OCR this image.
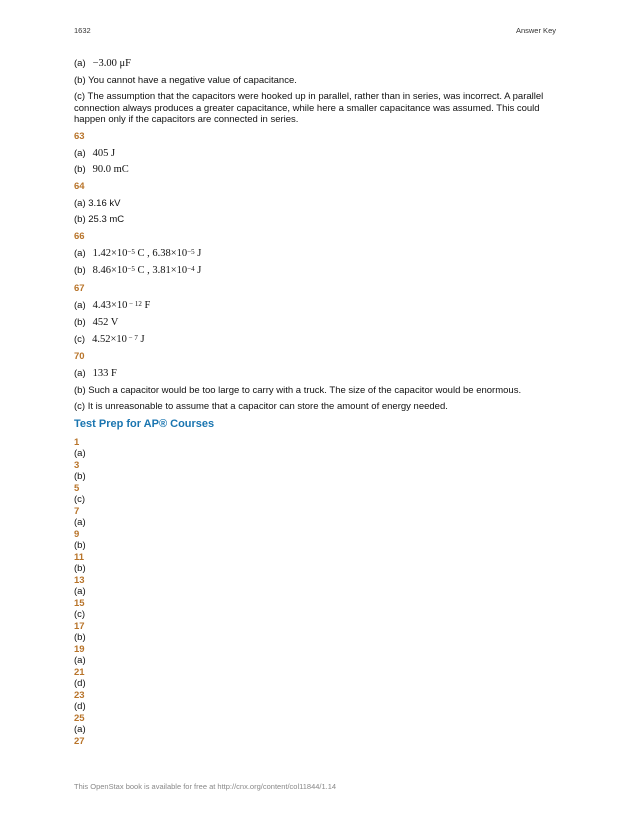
1632	Answer Key
(a) −3.00 μF

(b) You cannot have a negative value of capacitance.

(c) The assumption that the capacitors were hooked up in parallel, rather than in series, was incorrect. A parallel connection always produces a greater capacitance, while here a smaller capacitance was assumed. This could happen only if the capacitors are connected in series.

63
(a) 405 J
(b) 90.0 mC
64

(a) 3.16 kV

(b) 25.3 mC

66
(a) $1.42\times 10^{-5}$ C , $6.38\times 10^{-5}$ J
(b) $8.46\times 10^{-5}$ C , $3.81\times 10^{-4}$ J
67
(a) 4.43×10 $^{- 12}$ F
(b) 452 V
(c) 4.52×10 $^{- 7}$ J
70
(a) 133 F

(b) Such a capacitor would be too large to carry with a truck. The size of the capacitor would be enormous.

(c) It is unreasonable to assume that a capacitor can store the amount of energy needed.

Test Prep for AP® Courses
1
(a)
3
(b)
5
(c)
7
(a)
9
(b)
11
(b)
13
(a)
15
(c)
17
(b)
19
(a)
21
(d)
23
(d)
25
(a)
27
This OpenStax book is available for free at http://cnx.org/content/col11844/1.14
